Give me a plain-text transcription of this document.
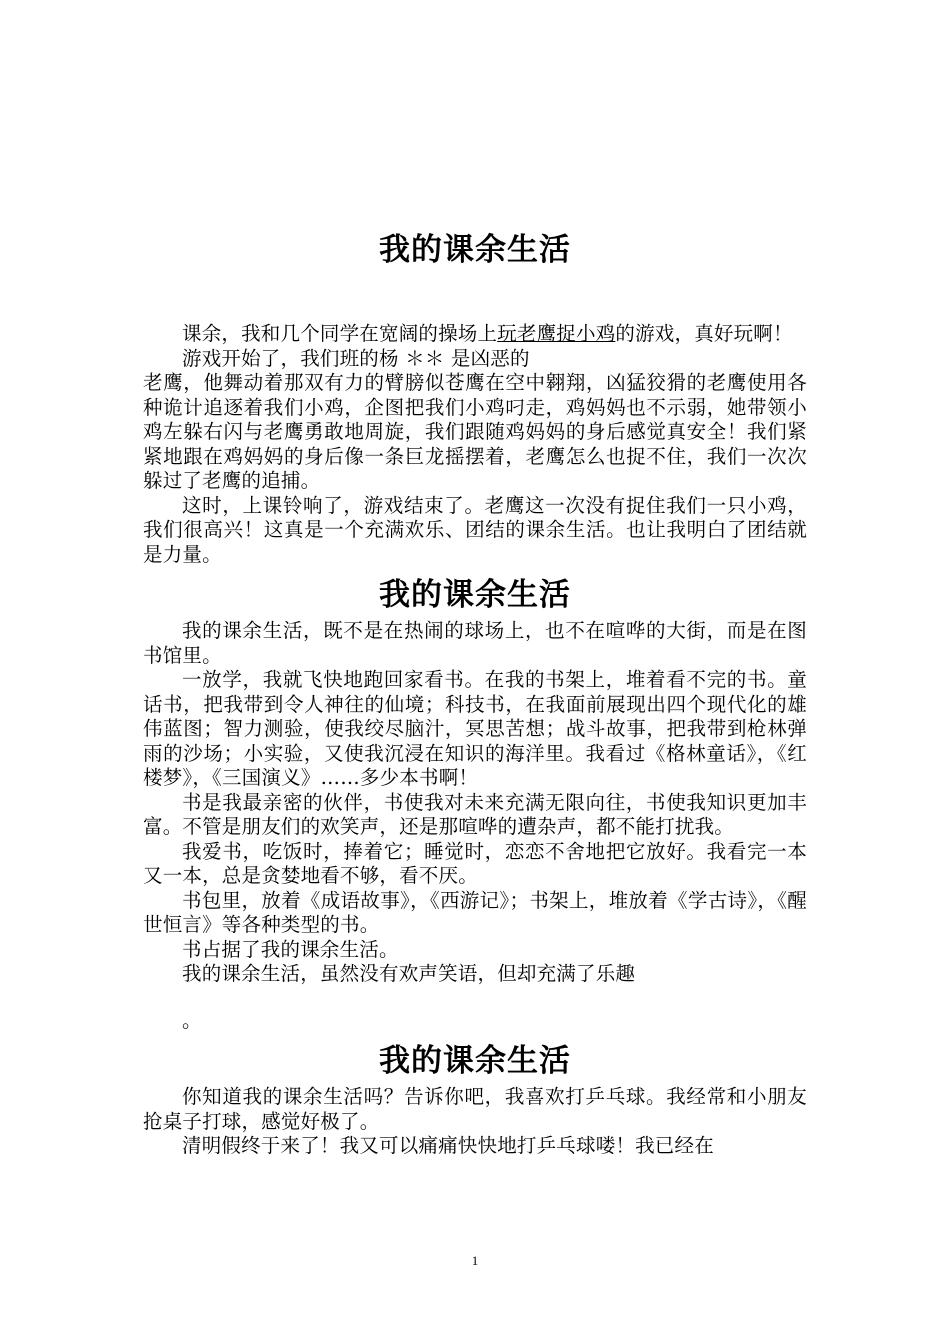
我的课余生活

课余，我和几个同学在宽阔的操场上玩老鹰捉小鸡的游戏，真好玩啊！

游戏开始了，我们班的杨 ＊＊ 是凶恶的

老鹰，他舞动着那双有力的臂膀似苍鹰在空中翱翔，凶猛狡猾的老鹰使用各种诡计追逐着我们小鸡，企图把我们小鸡叼走，鸡妈妈也不示弱，她带领小鸡左躲右闪与老鹰勇敢地周旋，我们跟随鸡妈妈的身后感觉真安全！我们紧紧地跟在鸡妈妈的身后像一条巨龙摇摆着，老鹰怎么也捉不住，我们一次次躲过了老鹰的追捕。

这时，上课铃响了，游戏结束了。老鹰这一次没有捉住我们一只小鸡，我们很高兴！这真是一个充满欢乐、团结的课余生活。也让我明白了团结就是力量。

我的课余生活

我的课余生活，既不是在热闹的球场上，也不在喧哗的大街，而是在图书馆里。

一放学，我就飞快地跑回家看书。在我的书架上，堆着看不完的书。童话书，把我带到令人神往的仙境；科技书，在我面前展现出四个现代化的雄伟蓝图；智力测验，使我绞尽脑汁，冥思苦想；战斗故事，把我带到枪林弹雨的沙场；小实验，又使我沉浸在知识的海洋里。我看过《格林童话》，《红楼梦》，《三国演义》……多少本书啊！

书是我最亲密的伙伴，书使我对未来充满无限向往，书使我知识更加丰富。不管是朋友们的欢笑声，还是那喧哗的遭杂声，都不能打扰我。

我爱书，吃饭时，捧着它；睡觉时，恋恋不舍地把它放好。我看完一本又一本，总是贪婪地看不够，看不厌。

书包里，放着《成语故事》，《西游记》；书架上，堆放着《学古诗》，《醒世恒言》等各种类型的书。

书占据了我的课余生活。

我的课余生活，虽然没有欢声笑语，但却充满了乐趣

。

我的课余生活

你知道我的课余生活吗？告诉你吧，我喜欢打乒乓球。我经常和小朋友抢桌子打球，感觉好极了。

清明假终于来了！我又可以痛痛快快地打乒乓球喽！我已经在

1
